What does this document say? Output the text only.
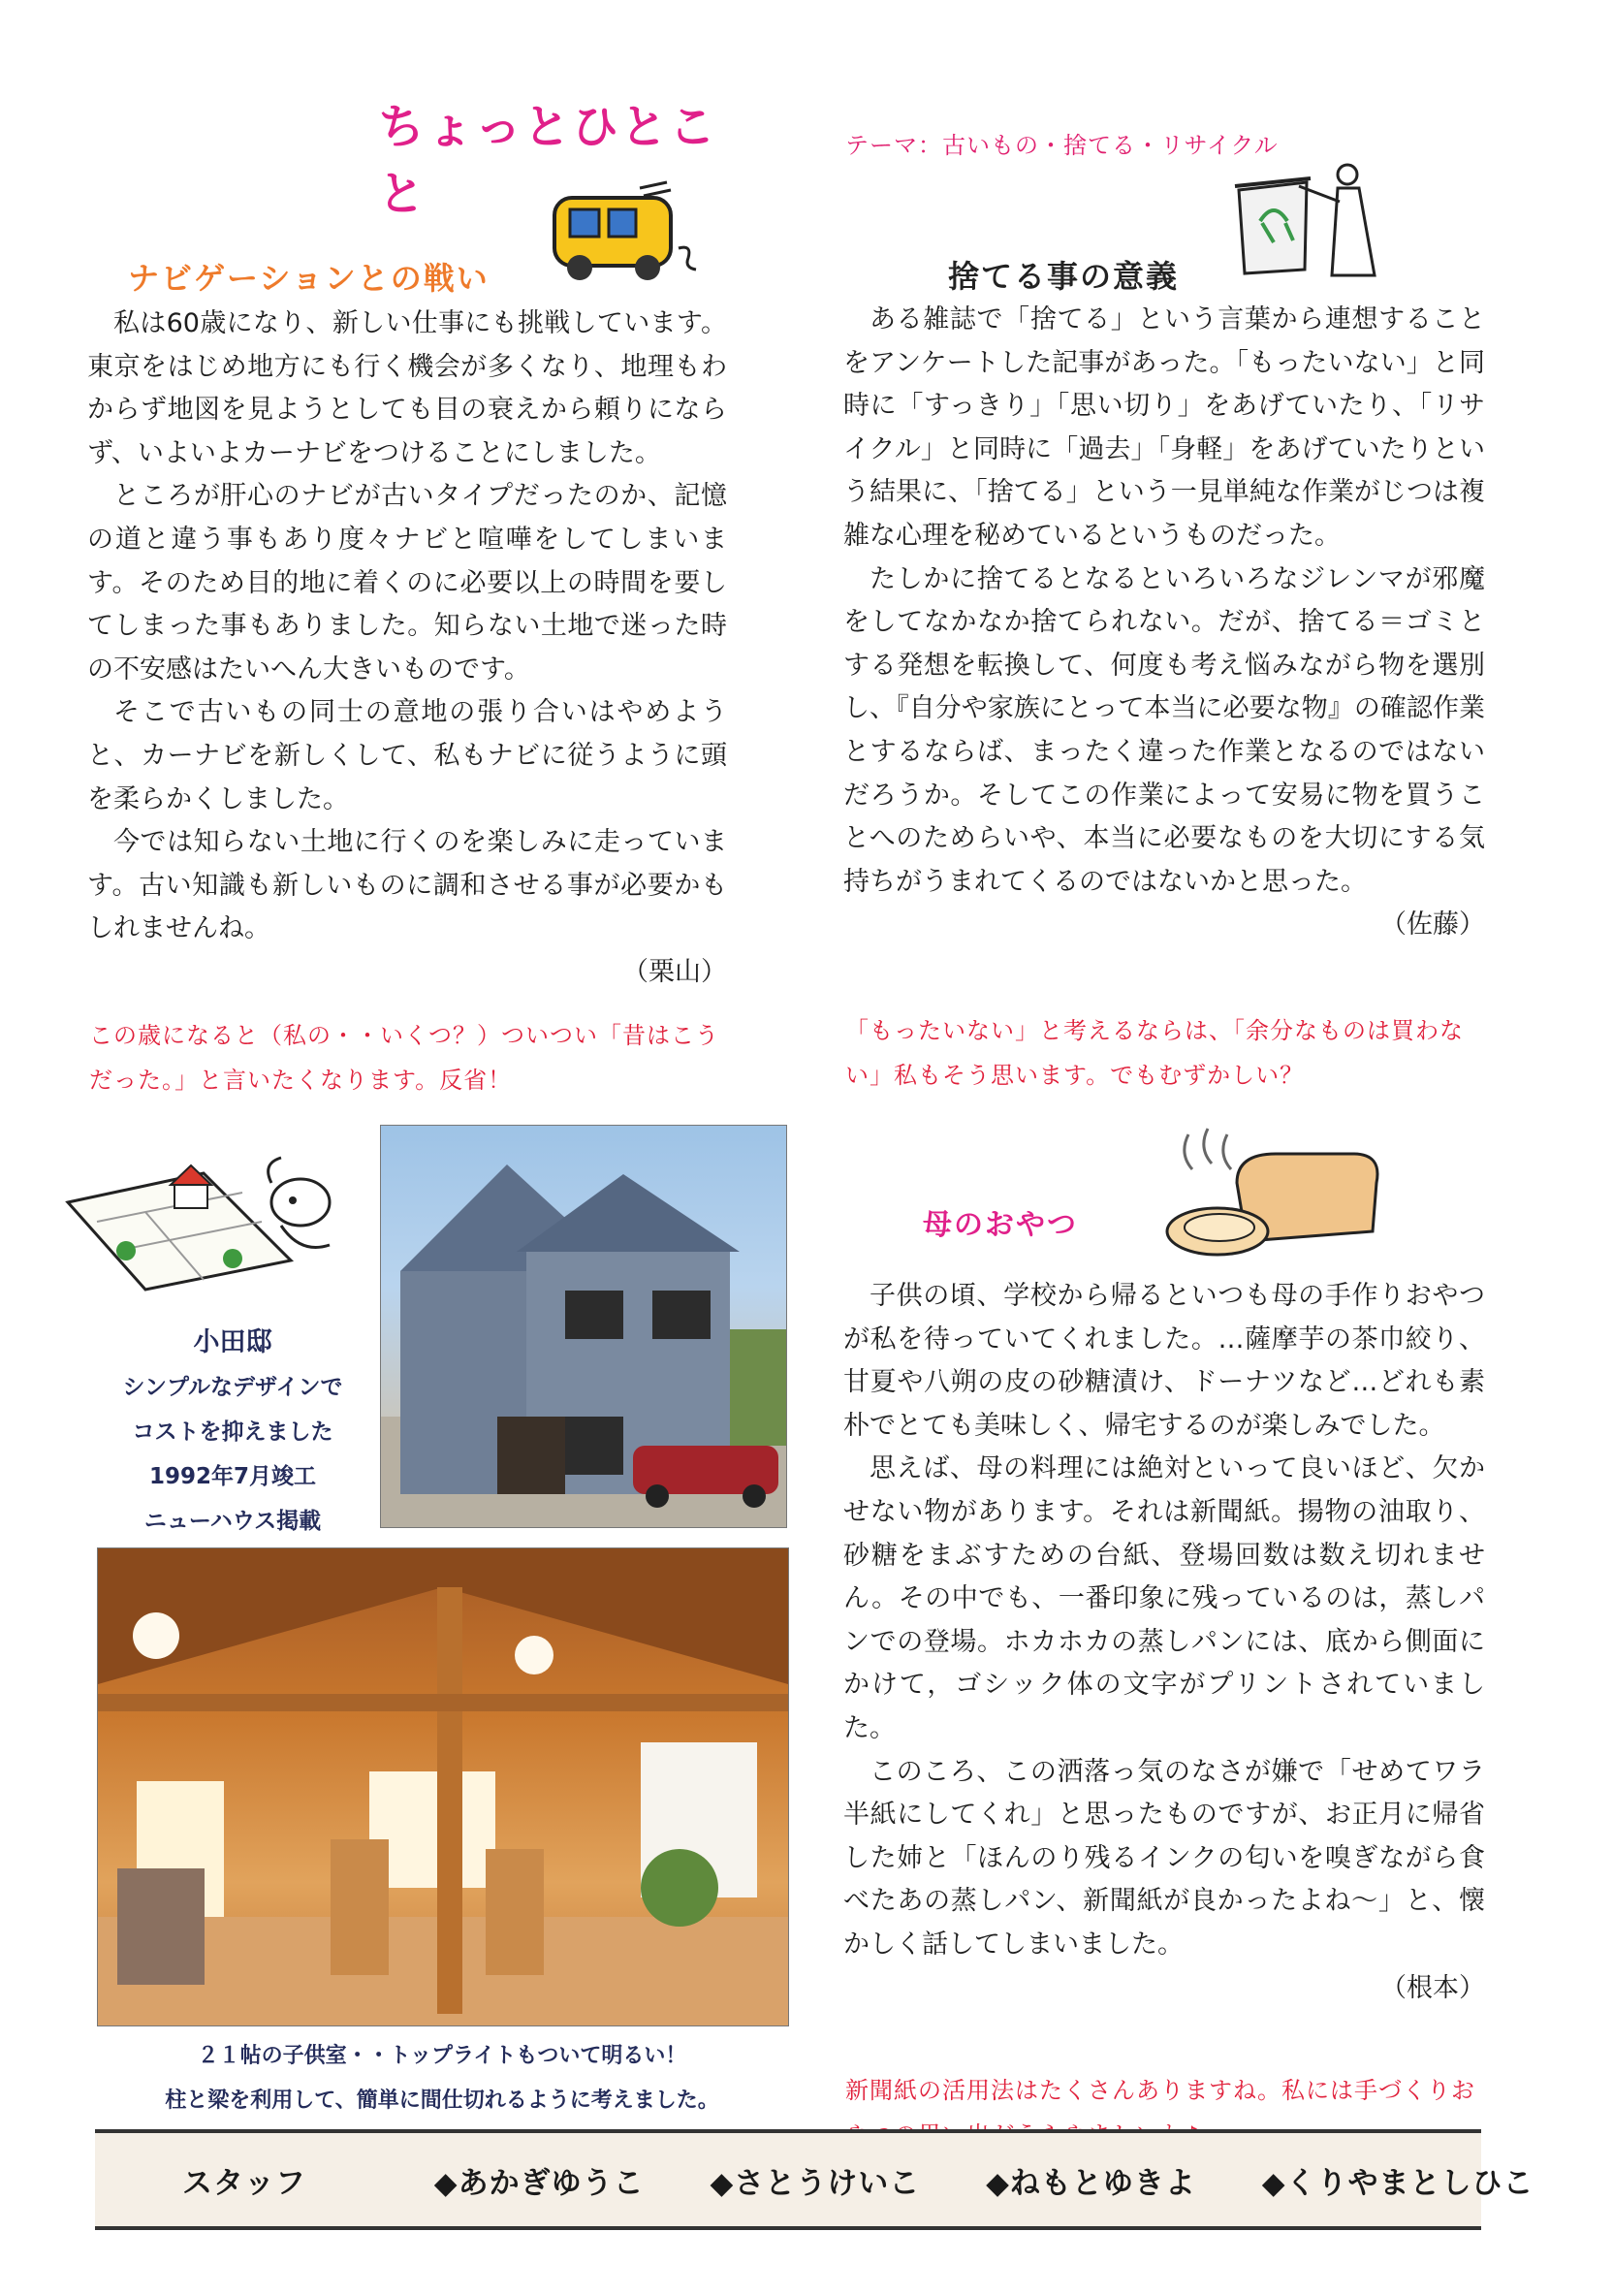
ちょっとひとこと
テーマ：古いもの・捨てる・リサイクル
ナビゲーションとの戦い

私は60歳になり、新しい仕事にも挑戦しています。東京をはじめ地方にも行く機会が多くなり、地理もわからず地図を見ようとしても目の衰えから頼りにならず、いよいよカーナビをつけることにしました。

ところが肝心のナビが古いタイプだったのか、記憶の道と違う事もあり度々ナビと喧嘩をしてしまいます。そのため目的地に着くのに必要以上の時間を要してしまった事もありました。知らない土地で迷った時の不安感はたいへん大きいものです。

そこで古いもの同士の意地の張り合いはやめようと、カーナビを新しくして、私もナビに従うように頭を柔らかくしました。

今では知らない土地に行くのを楽しみに走っています。古い知識も新しいものに調和させる事が必要かもしれませんね。

（栗山）

この歳になると（私の・・いくつ？）ついつい「昔はこうだった。」と言いたくなります。反省！
捨てる事の意義

ある雑誌で「捨てる」という言葉から連想することをアンケートした記事があった。「もったいない」と同時に「すっきり」「思い切り」をあげていたり、「リサイクル」と同時に「過去」「身軽」をあげていたりという結果に、「捨てる」という一見単純な作業がじつは複雑な心理を秘めているというものだった。

たしかに捨てるとなるといろいろなジレンマが邪魔をしてなかなか捨てられない。だが、捨てる＝ゴミとする発想を転換して、何度も考え悩みながら物を選別し、『自分や家族にとって本当に必要な物』の確認作業とするならば、まったく違った作業となるのではないだろうか。そしてこの作業によって安易に物を買うことへのためらいや、本当に必要なものを大切にする気持ちがうまれてくるのではないかと思った。

（佐藤）

「もったいない」と考えるならは、「余分なものは買わない」私もそう思います。でもむずかしい？
小田邸
シンプルなデザインで
コストを抑えました
1992年7月竣工
ニューハウス掲載
２１帖の子供室・・トップライトもついて明るい！
柱と梁を利用して、簡単に間仕切れるように考えました。
母のおやつ

子供の頃、学校から帰るといつも母の手作りおやつが私を待っていてくれました。…薩摩芋の茶巾絞り、甘夏や八朔の皮の砂糖漬け、ドーナツなど…どれも素朴でとても美味しく、帰宅するのが楽しみでした。

思えば、母の料理には絶対といって良いほど、欠かせない物があります。それは新聞紙。揚物の油取り、砂糖をまぶすための台紙、登場回数は数え切れません。その中でも、一番印象に残っているのは，蒸しパンでの登場。ホカホカの蒸しパンには、底から側面にかけて，ゴシック体の文字がプリントされていました。

このころ、この洒落っ気のなさが嫌で「せめてワラ半紙にしてくれ」と思ったものですが、お正月に帰省した姉と「ほんのり残るインクの匂いを嗅ぎながら食べたあの蒸しパン、新聞紙が良かったよね～」と、懐かしく話してしまいました。

（根本）

新聞紙の活用法はたくさんありますね。私には手づくりお
スタッフ	◆あかぎゆうこ ◆さとうけいこ ◆ねもとゆきよ ◆くりやまとしひこ
